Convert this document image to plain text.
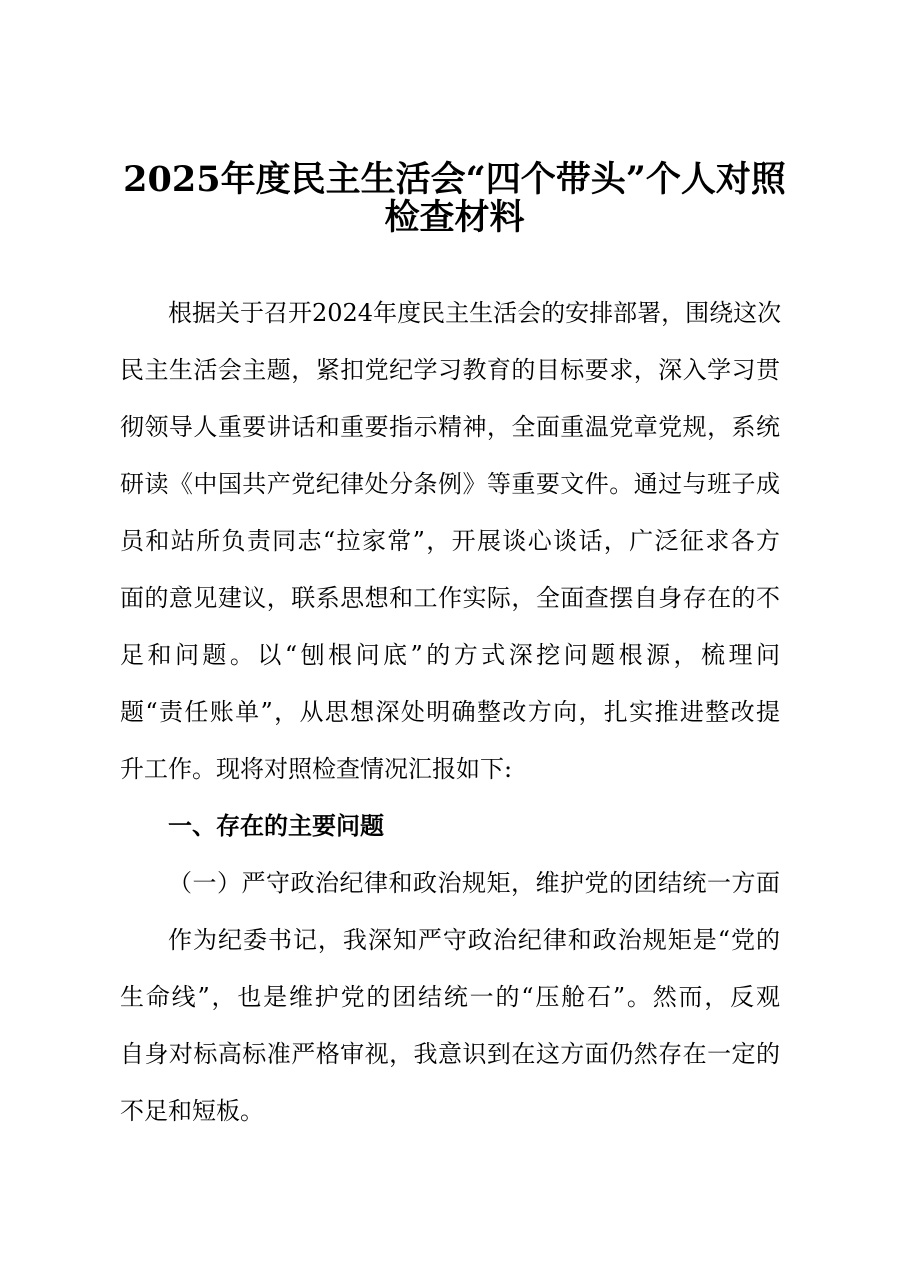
2025年度民主生活会“四个带头”个人对照
检查材料
根据关于召开2024年度民主生活会的安排部署，围绕这次
民主生活会主题，紧扣党纪学习教育的目标要求，深入学习贯
彻领导人重要讲话和重要指示精神，全面重温党章党规，系统
研读《中国共产党纪律处分条例》等重要文件。通过与班子成
员和站所负责同志“拉家常”，开展谈心谈话，广泛征求各方
面的意见建议，联系思想和工作实际，全面查摆自身存在的不
足和问题。以“刨根问底”的方式深挖问题根源，梳理问
题“责任账单”，从思想深处明确整改方向，扎实推进整改提
升工作。现将对照检查情况汇报如下:
一、存在的主要问题
（一）严守政治纪律和政治规矩，维护党的团结统一方面
作为纪委书记，我深知严守政治纪律和政治规矩是“党的
生命线”，也是维护党的团结统一的“压舱石”。然而，反观
自身对标高标准严格审视，我意识到在这方面仍然存在一定的
不足和短板。
